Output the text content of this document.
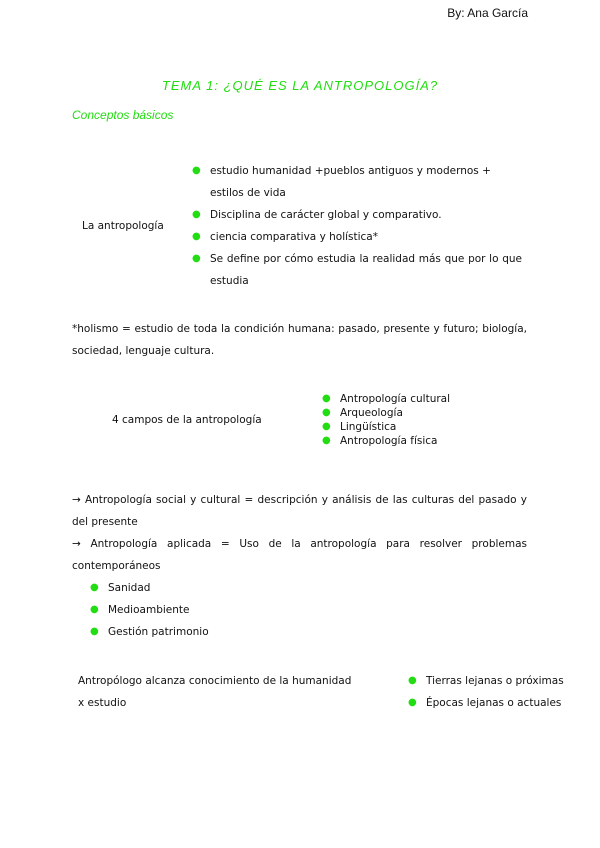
By: Ana García
TEMA 1: ¿QUÉ ES LA ANTROPOLOGÍA?
Conceptos básicos
La antropología
● estudio humanidad +pueblos antiguos y modernos + estilos de vida
● Disciplina de carácter global y comparativo.
● ciencia comparativa y holística*
● Se define por cómo estudia la realidad más que por lo que estudia
*holismo = estudio de toda la condición humana: pasado, presente y futuro; biología, sociedad, lenguaje cultura.
4 campos de la antropología
● Antropología cultural
● Arqueología
● Lingüística
● Antropología física
→ Antropología social y cultural = descripción y análisis de las culturas del pasado y del presente
→ Antropología aplicada = Uso de la antropología para resolver problemas contemporáneos
● Sanidad
● Medioambiente
● Gestión patrimonio
Antropólogo alcanza conocimiento de la humanidad x estudio
● Tierras lejanas o próximas
● Épocas lejanas o actuales
